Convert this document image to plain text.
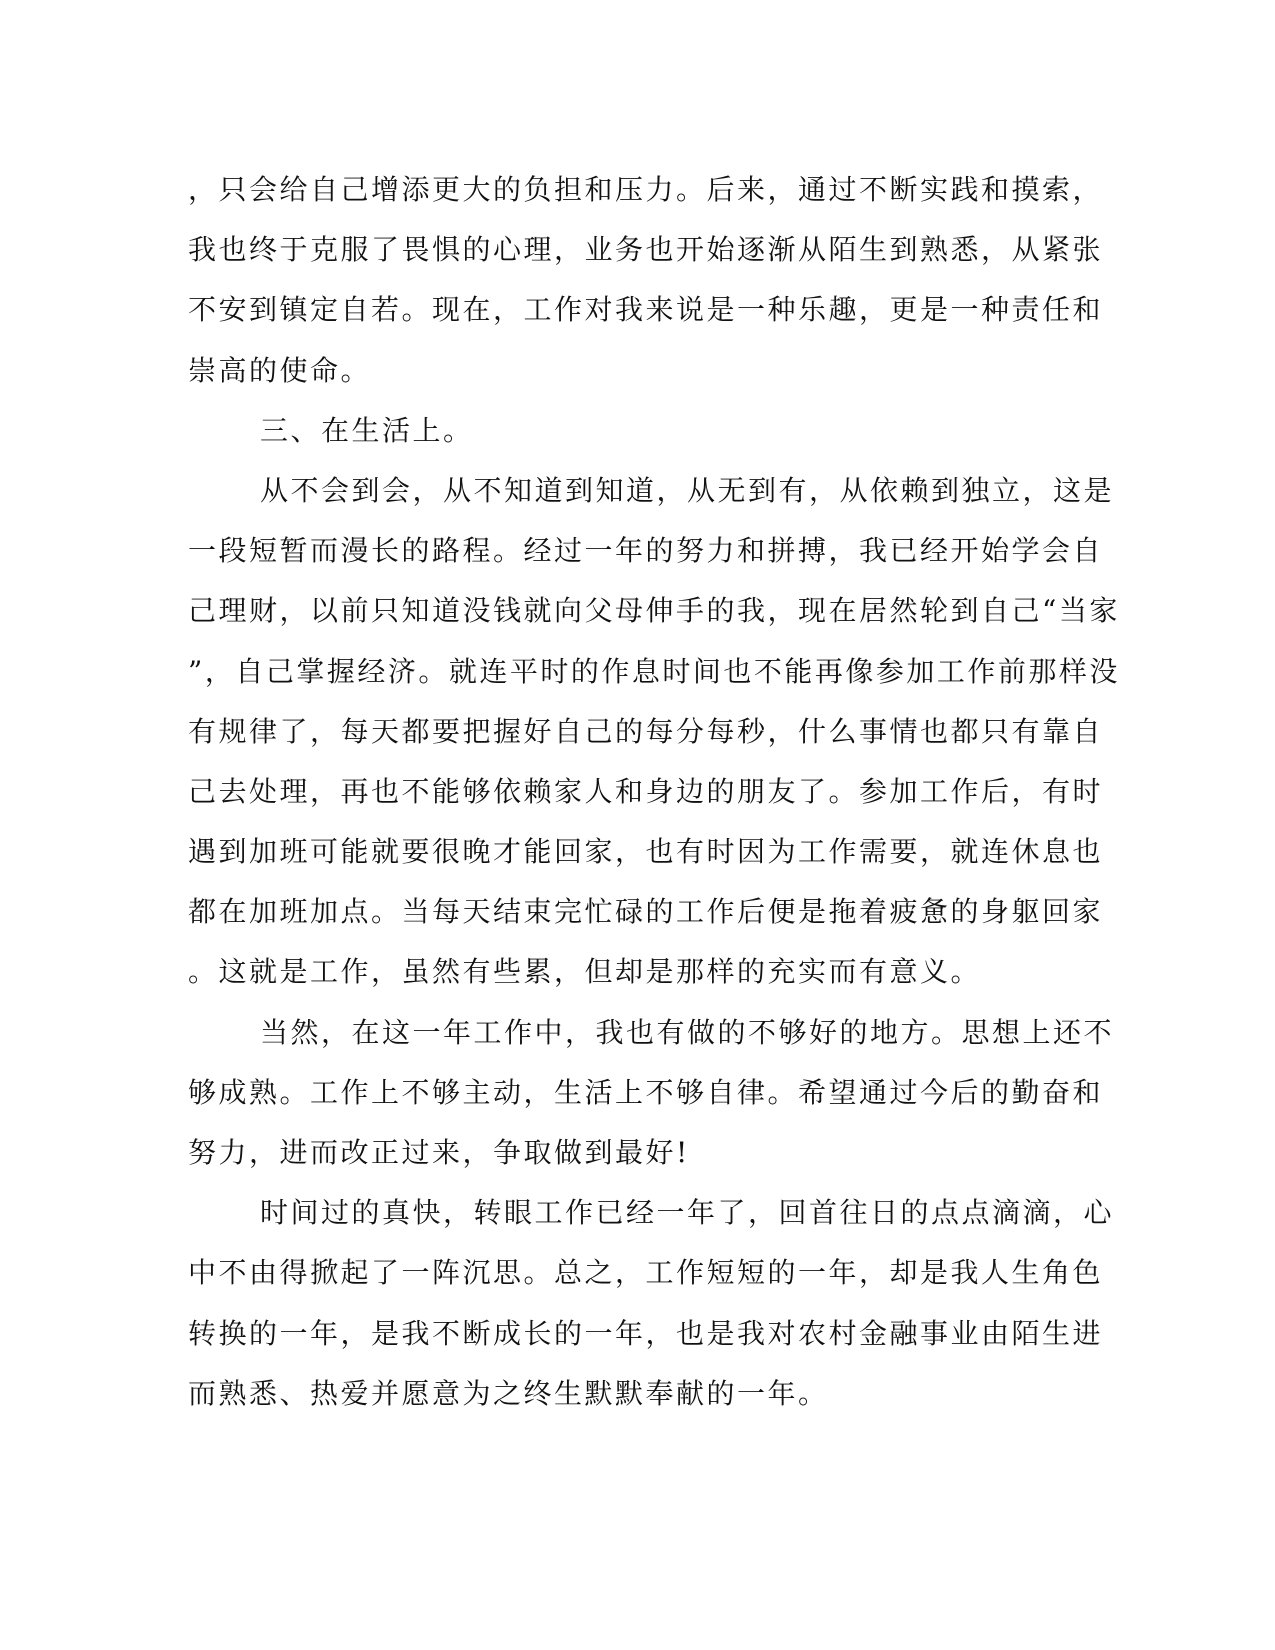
，只会给自己增添更大的负担和压力。后来，通过不断实践和摸索，
我也终于克服了畏惧的心理，业务也开始逐渐从陌生到熟悉，从紧张
不安到镇定自若。现在，工作对我来说是一种乐趣，更是一种责任和
崇高的使命。
三、在生活上。
从不会到会，从不知道到知道，从无到有，从依赖到独立，这是
一段短暂而漫长的路程。经过一年的努力和拼搏，我已经开始学会自
己理财，以前只知道没钱就向父母伸手的我，现在居然轮到自己“当家
”，自己掌握经济。就连平时的作息时间也不能再像参加工作前那样没
有规律了，每天都要把握好自己的每分每秒，什么事情也都只有靠自
己去处理，再也不能够依赖家人和身边的朋友了。参加工作后，有时
遇到加班可能就要很晚才能回家，也有时因为工作需要，就连休息也
都在加班加点。当每天结束完忙碌的工作后便是拖着疲惫的身躯回家
。这就是工作，虽然有些累，但却是那样的充实而有意义。
当然，在这一年工作中，我也有做的不够好的地方。思想上还不
够成熟。工作上不够主动，生活上不够自律。希望通过今后的勤奋和
努力，进而改正过来，争取做到最好!
时间过的真快，转眼工作已经一年了，回首往日的点点滴滴，心
中不由得掀起了一阵沉思。总之，工作短短的一年，却是我人生角色
转换的一年，是我不断成长的一年，也是我对农村金融事业由陌生进
而熟悉、热爱并愿意为之终生默默奉献的一年。
